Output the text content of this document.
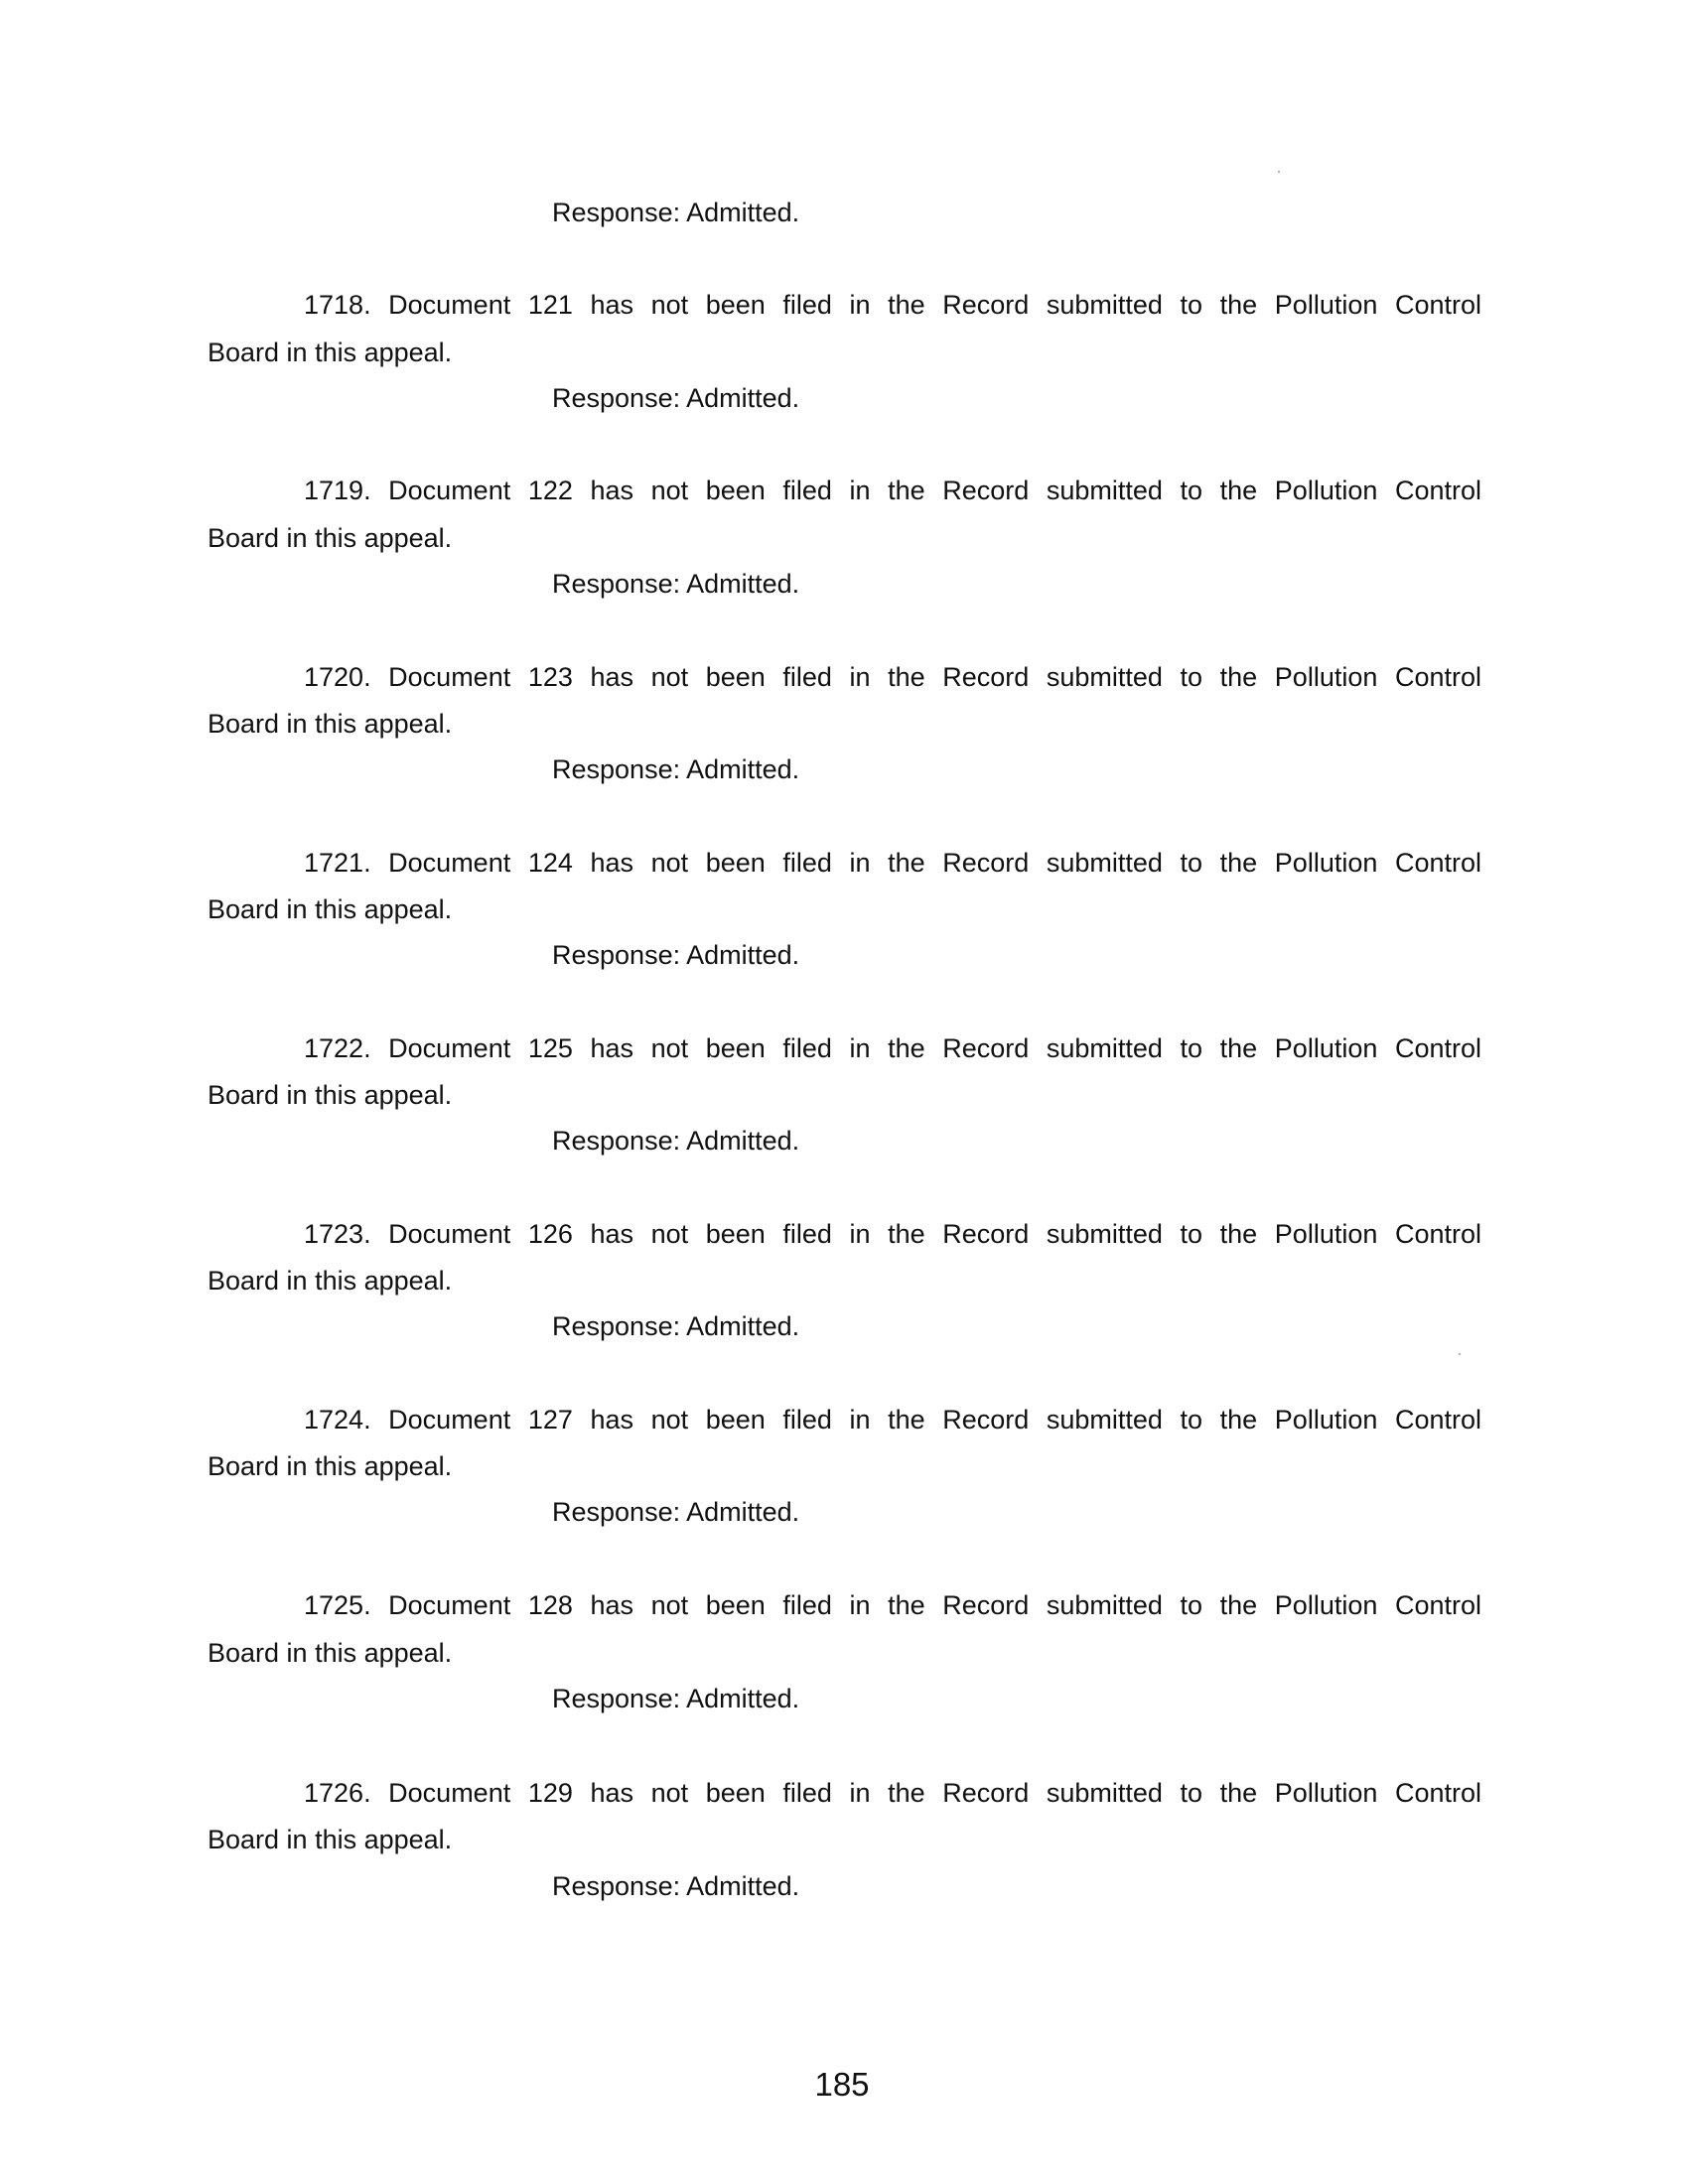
Response: Admitted.
1718. Document 121 has not been filed in the Record submitted to the Pollution Control
Board in this appeal.
Response: Admitted.
1719. Document 122 has not been filed in the Record submitted to the Pollution Control
Board in this appeal.
Response: Admitted.
1720. Document 123 has not been filed in the Record submitted to the Pollution Control
Board in this appeal.
Response: Admitted.
1721. Document 124 has not been filed in the Record submitted to the Pollution Control
Board in this appeal.
Response: Admitted.
1722. Document 125 has not been filed in the Record submitted to the Pollution Control
Board in this appeal.
Response: Admitted.
1723. Document 126 has not been filed in the Record submitted to the Pollution Control
Board in this appeal.
Response: Admitted.
1724. Document 127 has not been filed in the Record submitted to the Pollution Control
Board in this appeal.
Response: Admitted.
1725. Document 128 has not been filed in the Record submitted to the Pollution Control
Board in this appeal.
Response: Admitted.
1726. Document 129 has not been filed in the Record submitted to the Pollution Control
Board in this appeal.
Response: Admitted.
185
